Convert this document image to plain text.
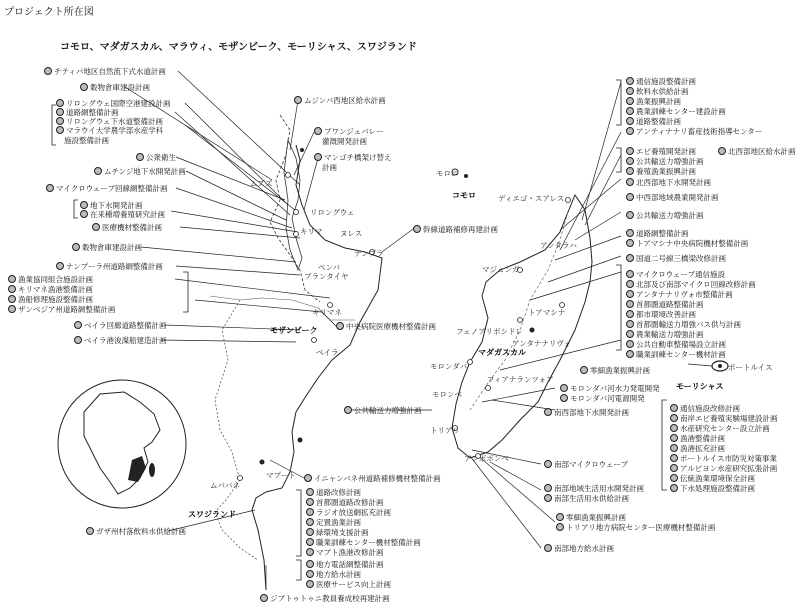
プロジェクト所在図
コモロ、マダガスカル、マラウィ、モザンビーク、モーリシャス、スワジランド
コモロ
マダガスカル
モザンビーク
モーリシャス
スワジランド
ムズズ
リロングウェ
キリマ ヌレス
ナンプラ
ペンバ
ブランタイヤ
キリマネ
ベイラ
ムババネ
マプート
モロニ
ディエゴ・スアレス
アンタラハ
マジュンガ
トアマシナ
アンタナナリヴォ
フェノアリボシドレ
モロンダバ
フィアナランツォア
モロンベ
トリアリ
アンボボンベ
ポートルイス
チティパ地区自然流下式水道計画
穀物倉庫建設計画
リロングウェ国際空港建設計画
道路網整備計画
リロングウェ下水道整備計画
マラウイ大学農学部水産学科
施設整備計画
公衆衛生
ムチンジ地下水開発計画
マイクロウェーブ回線網整備計画
地下水開発計画
在来種増養殖研究計画
医療機材整備計画
穀物倉庫建設計画
ナンプーラ州道路網整備計画
漁業協同組合施設計画
キリマネ漁港整備計画
漁船修理施設整備計画
ザンベジア州道路網整備計画
ベイラ回廊道路整備計画
ベイラ港浚渫船建造計画
ガザ州村落飲料水供給計画
ムジンバ西地区給水計画
ブワンジェバレー
灌漑開発計画
マンゴチ橋架け替え
計画
幹線道路補修再建計画
中央病院医療機材整備計画
公共輸送力増強計画
イニャンバネ州道路補修機材整備計画
道路改修計画
首都圏道路改修計画
ラジオ放送網拡充計画
定置漁業計画
緑環境支援計画
職業訓練センター機材整備計画
マプト漁港改修計画
地方電話網整備計画
地方給水計画
医療サービス向上計画
ジブトゥトゥニ教員養成校再建計画
通信施設整備計画
飲料水供給計画
漁業振興計画
農業訓練センター建設計画
道路整備計画
アンティナナリ畜産技術指導センター
エビ養殖開発計画	北西部地区給水計画
公共輸送力増強計画
養殖漁業振興計画
北西部地下水開発計画
中西部地域農業開発計画
公共輸送力増強計画
道路網整備計画
トアマシナ中央病院機材整備計画
国道二号線三橋梁改修計画
マイクロウェーブ通信施設
北部及び南部マイクロ回線改修計画
アンタナナリヴォ市整備計画
首都圏道路整備計画
都市環境改善計画
首都圏輸送力増強バス供与計画
農業輸送力増強計画
公共自動車整備場設立計画
職業訓練センター機材計画
零細漁業振興計画
モロンダバ河水力発電開発
モロンダバ河電源開発
南西部地下水開発計画
南部マイクロウェーブ
南部地域生活用水開発計画
南部生活用水供給計画
零細漁業振興計画
トリアリ地方病院センター医療機材整備計画
南部地方給水計画
通信施設改修計画
南岸エビ養殖実験場建設計画
水産研究センター設立計画
漁港整備計画
漁港拡充計画
ポートルイス市防災対策事業
アルビヨン水産研究拡張計画
伝統漁業環境保全計画
下水処理施設整備計画
